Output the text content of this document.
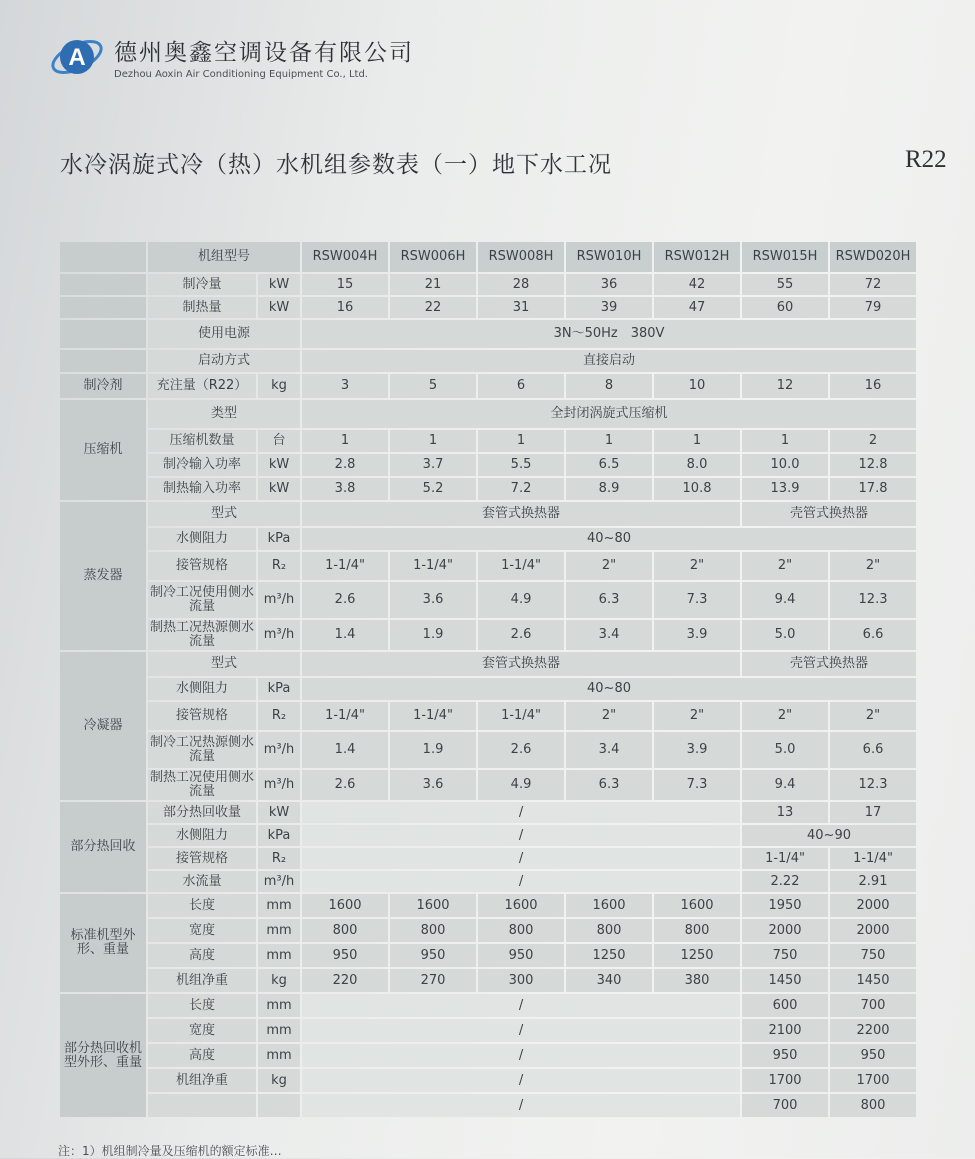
A 德州奥鑫空调设备有限公司
Dezhou Aoxin Air Conditioning Equipment Co., Ltd.
水冷涡旋式冷（热）水机组参数表（一）地下水工况	R22
	机组型号		RSW004H	RSW006H	RSW008H	RSW010H	RSW012H	RSW015H	RSWD020H
	制冷量	kW	15	21	28	36	42	55	72
	制热量	kW	16	22	31	39	47	60	79
	使用电源		3N～50Hz　380V						
	启动方式		直接启动						
制冷剂	充注量（R22）	kg	3	5	6	8	10	12	16
压缩机	类型		全封闭涡旋式压缩机						
	压缩机数量	台	1	1	1	1	1	1	2
	制冷输入功率	kW	2.8	3.7	5.5	6.5	8.0	10.0	12.8
	制热输入功率	kW	3.8	5.2	7.2	8.9	10.8	13.9	17.8
蒸发器	型式		套管式换热器					壳管式换热器	
	水侧阻力	kPa	40~80						
	接管规格	R₂	1-1/4"	1-1/4"	1-1/4"	2"	2"	2"	2"
	制冷工况使用侧水流量	m³/h	2.6	3.6	4.9	6.3	7.3	9.4	12.3
	制热工况热源侧水流量	m³/h	1.4	1.9	2.6	3.4	3.9	5.0	6.6
冷凝器	型式		套管式换热器					壳管式换热器	
	水侧阻力	kPa	40~80						
	接管规格	R₂	1-1/4"	1-1/4"	1-1/4"	2"	2"	2"	2"
	制冷工况热源侧水流量	m³/h	1.4	1.9	2.6	3.4	3.9	5.0	6.6
	制热工况使用侧水流量	m³/h	2.6	3.6	4.9	6.3	7.3	9.4	12.3
部分热回收	部分热回收量	kW	/					13	17
	水侧阻力	kPa	/					40~90	
	接管规格	R₂	/					1-1/4"	1-1/4"
	水流量	m³/h	/					2.22	2.91
标准机型外形、重量	长度	mm	1600	1600	1600	1600	1600	1950	2000
	宽度	mm	800	800	800	800	800	2000	2000
	高度	mm	950	950	950	1250	1250	750	750
	机组净重	kg	220	270	300	340	380	1450	1450
部分热回收机型外形、重量	长度	mm	/					600	700
	宽度	mm	/					2100	2200
	高度	mm	/					950	950
	机组净重	kg	/					1700	1700
			/					700	800
注：1）机组制冷量及压缩机的额定标准…
